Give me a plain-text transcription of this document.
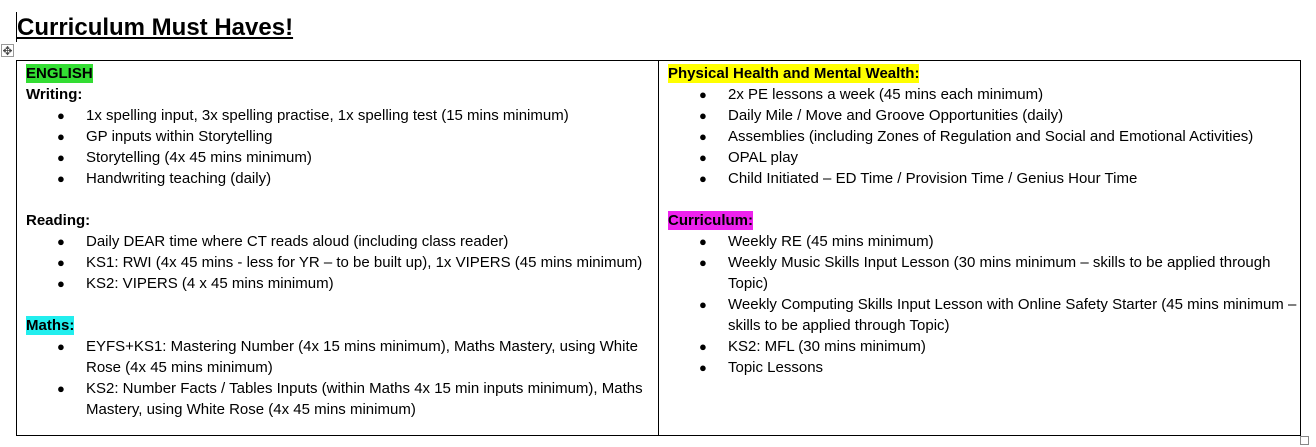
Curriculum Must Haves!
✥
ENGLISH
Writing:
● 1x spelling input, 3x spelling practise, 1x spelling test (15 mins minimum)
● GP inputs within Storytelling
● Storytelling (4x 45 mins minimum)
● Handwriting teaching (daily)
Reading:
● Daily DEAR time where CT reads aloud (including class reader)
● KS1: RWI (4x 45 mins - less for YR – to be built up), 1x VIPERS (45 mins minimum)
● KS2: VIPERS (4 x 45 mins minimum)
Maths:
● EYFS+KS1: Mastering Number (4x 15 mins minimum), Maths Mastery, using White Rose (4x 45 mins minimum)
● KS2: Number Facts / Tables Inputs (within Maths 4x 15 min inputs minimum), Maths Mastery, using White Rose (4x 45 mins minimum)
Physical Health and Mental Wealth:
● 2x PE lessons a week (45 mins each minimum)
● Daily Mile / Move and Groove Opportunities (daily)
● Assemblies (including Zones of Regulation and Social and Emotional Activities)
● OPAL play
● Child Initiated – ED Time / Provision Time / Genius Hour Time
Curriculum:
● Weekly RE (45 mins minimum)
● Weekly Music Skills Input Lesson (30 mins minimum – skills to be applied through Topic)
● Weekly Computing Skills Input Lesson with Online Safety Starter (45 mins minimum – skills to be applied through Topic)
● KS2: MFL (30 mins minimum)
● Topic Lessons
